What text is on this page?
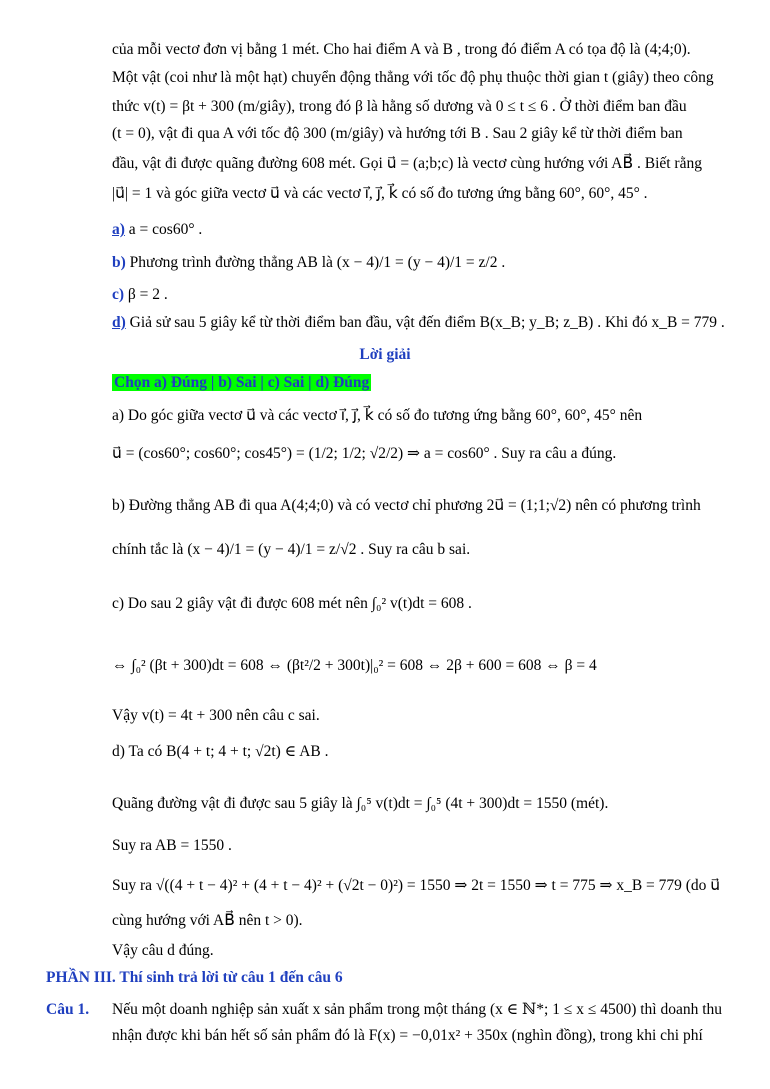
của mỗi vectơ đơn vị bằng 1 mét. Cho hai điểm A và B , trong đó điểm A có tọa độ là (4;4;0).
Một vật (coi như là một hạt) chuyển động thẳng với tốc độ phụ thuộc thời gian t (giây) theo công
thức v(t) = βt + 300 (m/giây), trong đó β là hằng số dương và 0 ≤ t ≤ 6 . Ở thời điểm ban đầu
(t = 0), vật đi qua A với tốc độ 300 (m/giây) và hướng tới B . Sau 2 giây kể từ thời điểm ban
đầu, vật đi được quãng đường 608 mét. Gọi u⃗ = (a;b;c) là vectơ cùng hướng với AB⃗ . Biết rằng
|u⃗| = 1 và góc giữa vectơ u⃗ và các vectơ i⃗, j⃗, k⃗ có số đo tương ứng bằng 60°, 60°, 45° .
a) a = cos60° .
b) Phương trình đường thẳng AB là (x − 4)/1 = (y − 4)/1 = z/2 .
c) β = 2 .
d) Giả sử sau 5 giây kể từ thời điểm ban đầu, vật đến điểm B(x_B; y_B; z_B) . Khi đó x_B = 779 .
Lời giải
Chọn a) Đúng | b) Sai | c) Sai | d) Đúng
a) Do góc giữa vectơ u⃗ và các vectơ i⃗, j⃗, k⃗ có số đo tương ứng bằng 60°, 60°, 45° nên
u⃗ = (cos60°; cos60°; cos45°) = (1/2; 1/2; √2/2) ⇒ a = cos60° . Suy ra câu a đúng.
b) Đường thẳng AB đi qua A(4;4;0) và có vectơ chỉ phương 2u⃗ = (1;1;√2) nên có phương trình
chính tắc là (x − 4)/1 = (y − 4)/1 = z/√2 . Suy ra câu b sai.
c) Do sau 2 giây vật đi được 608 mét nên ∫₀² v(t)dt = 608 .
⇔ ∫₀² (βt + 300)dt = 608 ⇔ (βt²/2 + 300t)|₀² = 608 ⇔ 2β + 600 = 608 ⇔ β = 4
Vậy v(t) = 4t + 300 nên câu c sai.
d) Ta có B(4 + t; 4 + t; √2t) ∈ AB .
Quãng đường vật đi được sau 5 giây là ∫₀⁵ v(t)dt = ∫₀⁵ (4t + 300)dt = 1550 (mét).
Suy ra AB = 1550 .
Suy ra √((4 + t − 4)² + (4 + t − 4)² + (√2t − 0)²) = 1550 ⇒ 2t = 1550 ⇒ t = 775 ⇒ x_B = 779 (do u⃗
cùng hướng với AB⃗ nên t > 0).
Vậy câu d đúng.
PHẦN III. Thí sinh trả lời từ câu 1 đến câu 6
Câu 1. Nếu một doanh nghiệp sản xuất x sản phẩm trong một tháng (x ∈ ℕ*; 1 ≤ x ≤ 4500) thì doanh thu
nhận được khi bán hết số sản phẩm đó là F(x) = −0,01x² + 350x (nghìn đồng), trong khi chi phí
